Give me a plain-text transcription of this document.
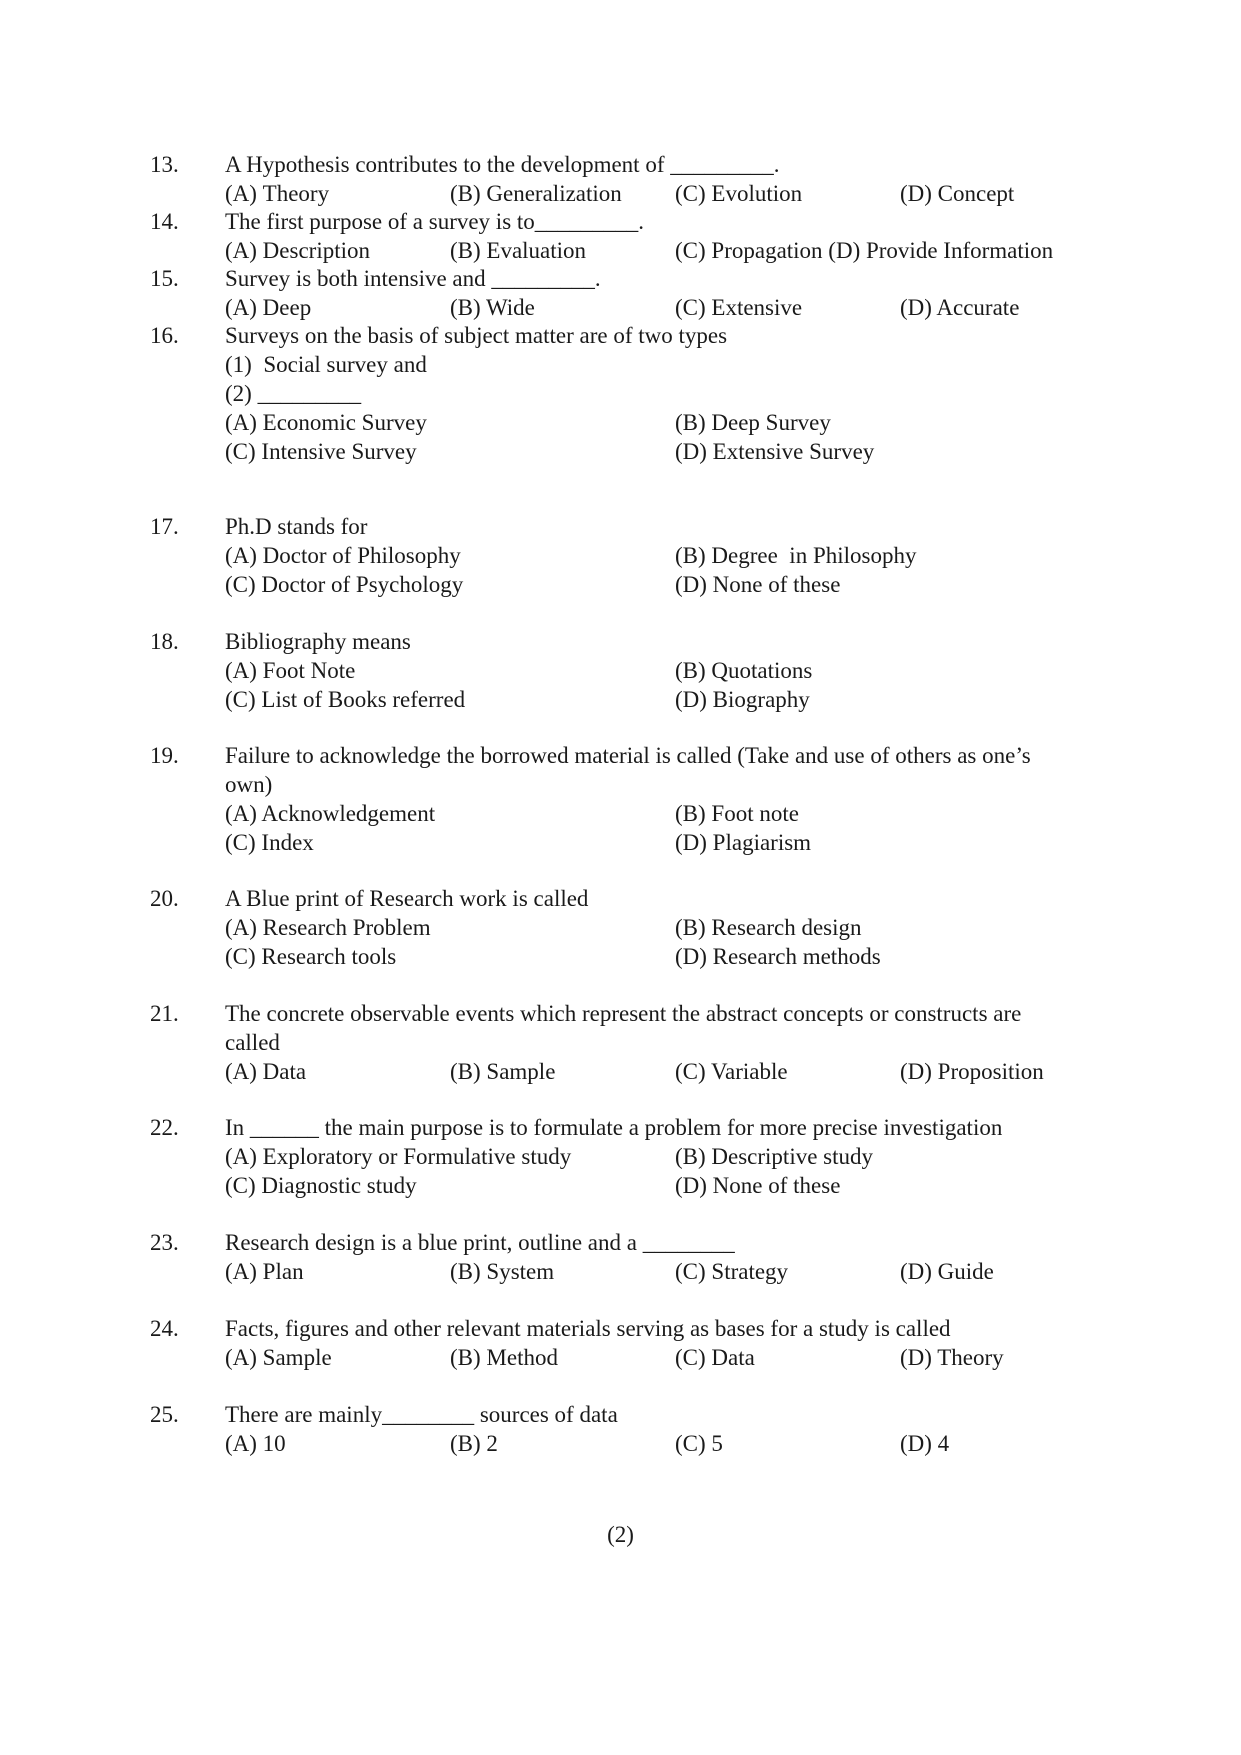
13. A Hypothesis contributes to the development of _________.
(A) Theory	(B) Generalization (C) Evolution	(D) Concept
14. The first purpose of a survey is to_________.
(A) Description	(B) Evaluation	(C) Propagation (D) Provide Information
15. Survey is both intensive and _________.
(A) Deep	(B) Wide	(C) Extensive	(D) Accurate
16. Surveys on the basis of subject matter are of two types
(1)  Social survey and
(2) _________
(A) Economic Survey	(B) Deep Survey
(C) Intensive Survey	(D) Extensive Survey
17. Ph.D stands for
(A) Doctor of Philosophy	(B) Degree  in Philosophy
(C) Doctor of Psychology	(D) None of these
18. Bibliography means
(A) Foot Note	(B) Quotations
(C) List of Books referred	(D) Biography
19. Failure to acknowledge the borrowed material is called (Take and use of others as one’s
own)
(A) Acknowledgement	(B) Foot note
(C) Index	(D) Plagiarism
20. A Blue print of Research work is called
(A) Research Problem	(B) Research design
(C) Research tools	(D) Research methods
21. The concrete observable events which represent the abstract concepts or constructs are
called
(A) Data	(B) Sample	(C) Variable	(D) Proposition
22. In ______ the main purpose is to formulate a problem for more precise investigation
(A) Exploratory or Formulative study	(B) Descriptive study
(C) Diagnostic study	(D) None of these
23. Research design is a blue print, outline and a ________
(A) Plan	(B) System	(C) Strategy	(D) Guide
24. Facts, figures and other relevant materials serving as bases for a study is called
(A) Sample	(B) Method	(C) Data	(D) Theory
25. There are mainly________ sources of data
(A) 10	(B) 2	(C) 5	(D) 4
(2)
